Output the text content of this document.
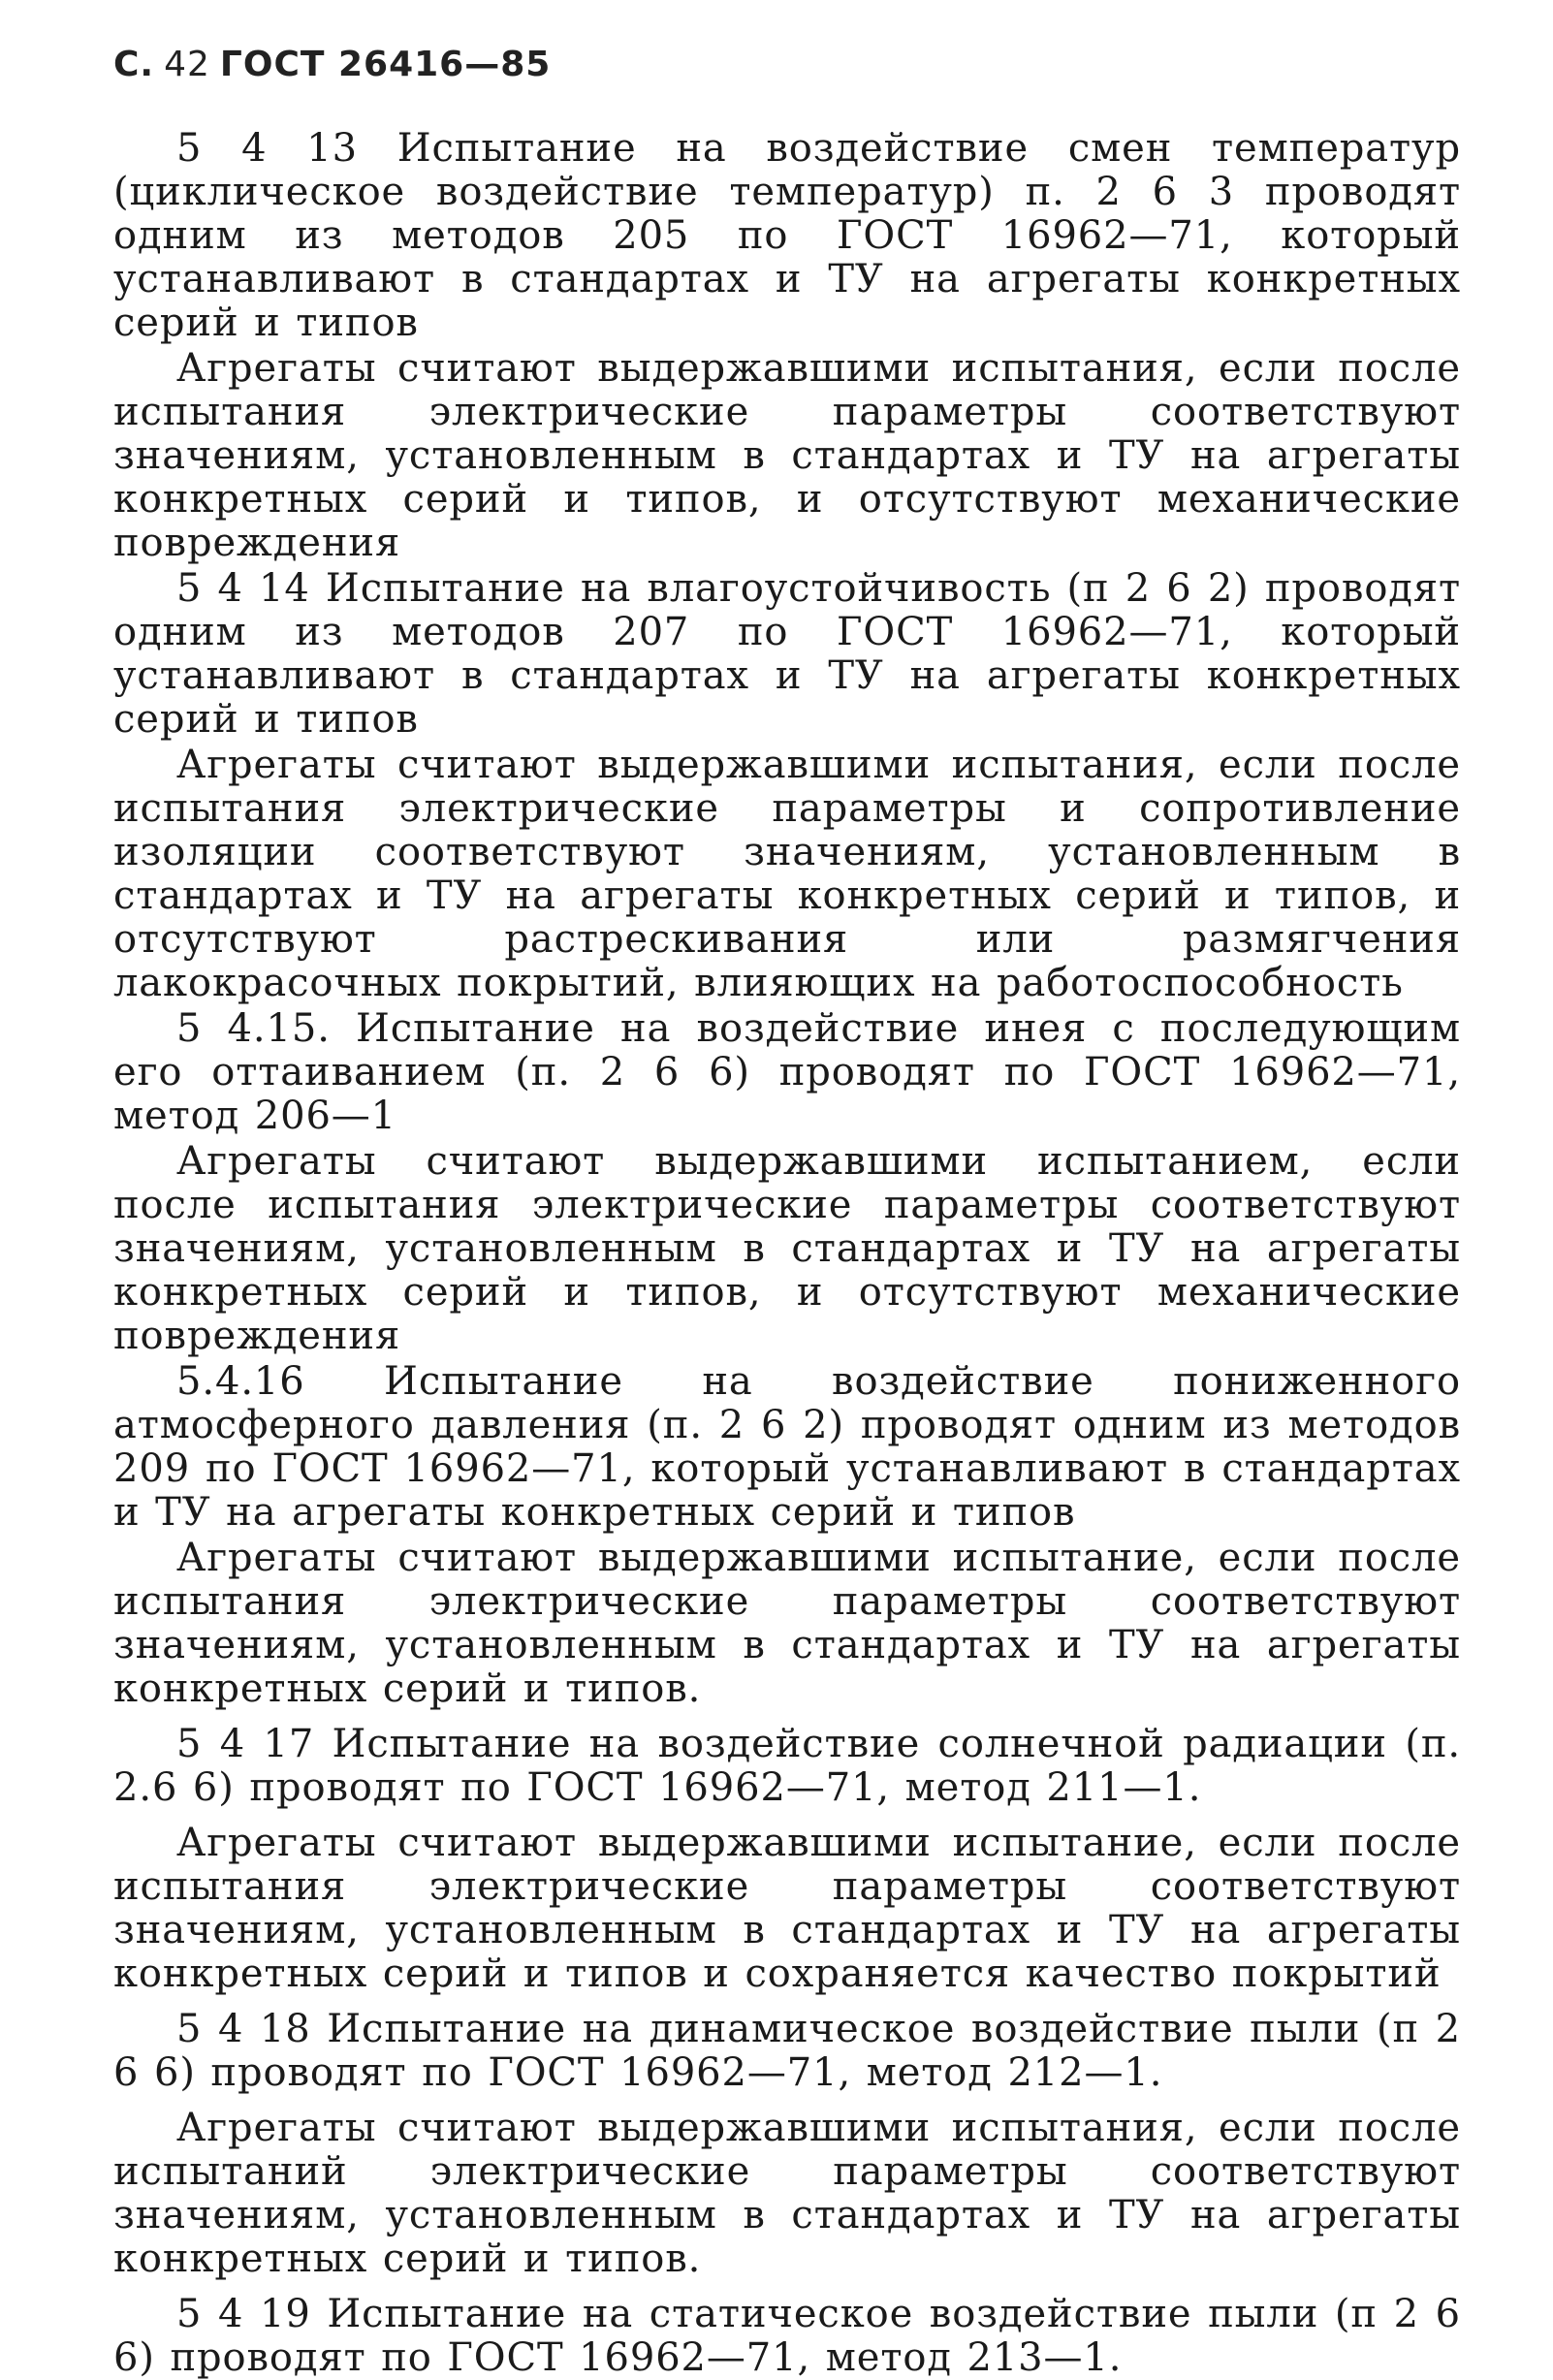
С. 42 ГОСТ 26416—85

5 4 13 Испытание на воздействие смен температур (циклическое воздействие температур) п. 2 6 3 проводят одним из методов 205 по ГОСТ 16962—71, который устанавливают в стандартах и ТУ на агрегаты конкретных серий и типов

Агрегаты считают выдержавшими испытания, если после испытания электрические параметры соответствуют значениям, установленным в стандартах и ТУ на агрегаты конкретных серий и типов, и отсутствуют механические повреждения

5 4 14 Испытание на влагоустойчивость (п 2 6 2) проводят одним из методов 207 по ГОСТ 16962—71, который устанавливают в стандартах и ТУ на агрегаты конкретных серий и типов

Агрегаты считают выдержавшими испытания, если после испытания электрические параметры и сопротивление изоляции соответствуют значениям, установленным в стандартах и ТУ на агрегаты конкретных серий и типов, и отсутствуют растрескивания или размягчения лакокрасочных покрытий, влияющих на работоспособность

5 4.15. Испытание на воздействие инея с последующим его оттаиванием (п. 2 6 6) проводят по ГОСТ 16962—71, метод 206—1

Агрегаты считают выдержавшими испытанием, если после испытания электрические параметры соответствуют значениям, установленным в стандартах и ТУ на агрегаты конкретных серий и типов, и отсутствуют механические повреждения

5.4.16 Испытание на воздействие пониженного атмосферного давления (п. 2 6 2) проводят одним из методов 209 по ГОСТ 16962—71, который устанавливают в стандартах и ТУ на агрегаты конкретных серий и типов

Агрегаты считают выдержавшими испытание, если после испытания электрические параметры соответствуют значениям, установленным в стандартах и ТУ на агрегаты конкретных серий и типов.

5 4 17 Испытание на воздействие солнечной радиации (п. 2.6 6) проводят по ГОСТ 16962—71, метод 211—1.

Агрегаты считают выдержавшими испытание, если после испытания электрические параметры соответствуют значениям, установленным в стандартах и ТУ на агрегаты конкретных серий и типов и сохраняется качество покрытий

5 4 18 Испытание на динамическое воздействие пыли (п 2 6 6) проводят по ГОСТ 16962—71, метод 212—1.

Агрегаты считают выдержавшими испытания, если после испытаний электрические параметры соответствуют значениям, установленным в стандартах и ТУ на агрегаты конкретных серий и типов.

5 4 19 Испытание на статическое воздействие пыли (п 2 6 6) проводят по ГОСТ 16962—71, метод 213—1.
